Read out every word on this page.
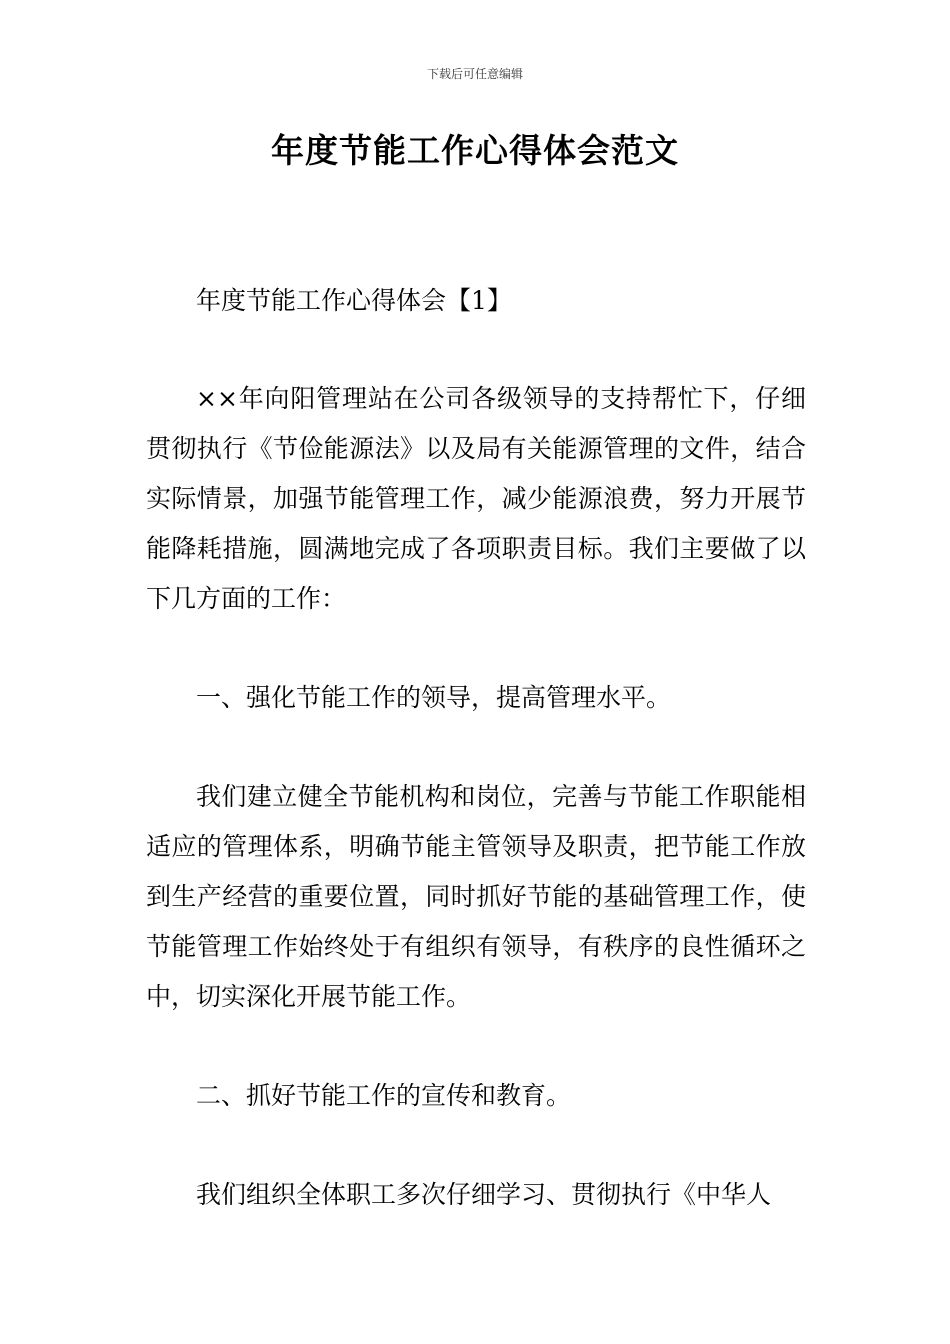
下载后可任意编辑
年度节能工作心得体会范文

年度节能工作心得体会【1】

××年向阳管理站在公司各级领导的支持帮忙下，仔细贯彻执行《节俭能源法》以及局有关能源管理的文件，结合实际情景，加强节能管理工作，减少能源浪费，努力开展节能降耗措施，圆满地完成了各项职责目标。我们主要做了以下几方面的工作：

一、强化节能工作的领导，提高管理水平。

我们建立健全节能机构和岗位，完善与节能工作职能相适应的管理体系，明确节能主管领导及职责，把节能工作放到生产经营的重要位置，同时抓好节能的基础管理工作，使节能管理工作始终处于有组织有领导，有秩序的良性循环之中，切实深化开展节能工作。

二、抓好节能工作的宣传和教育。

我们组织全体职工多次仔细学习、贯彻执行《中华人
